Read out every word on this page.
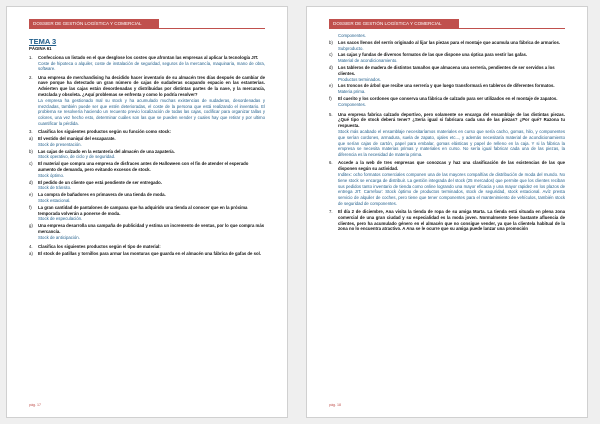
DOSSIER DE GESTIÓN LOGÍSTICA Y COMERCIAL
TEMA 3
PÁGINA 61
1.	Confecciona un listado en el que desglose los costes que afrontan las empresas al aplicar la tecnología JIT.
Coste de hipoteca o alquiler, coste de instalación de seguridad, seguros de la mercancía, maquinaria, mano de obra, software.
2.	Una empresa de merchandising ha decidido hacer inventario de su almacén tres días después de cambiar de nave porque ha detectado un gran número de cajas de sudaderas ocupando espacio en las estanterías. Advierten que las cajas están desordenadas y distribuidas por distintas partes de la nave, y la mercancía, mezclada y obsoleta. ¿Aquí problemas se enfrenta y como lo podría resolver?
La empresa ha gestionado mal su stock y ha acumulado muchas existencias de sudaderas, desordenadas y mezcladas, también puede ser que estén deterioradas, el coste de la persona que está realizando el inventario. El problema se resolvería haciendo un recuento previo localización de todas las cajas, codificar para organizar tallas y colores, una vez hecho esto, determinar cuáles son las que se pueden vender y cuales hay que retirar y por ultimo cuantificar la pérdida.
3.	Clasifica los siguientes productos según su función como stock:
a)	El vestido del maniquí del escaparate.
Stock de presentación.
b)	Las cajas de calzado en la estantería del almacén de una zapatería.
Stock operativo, de ciclo y de seguridad.
c)	El material que compra una empresa de disfraces antes de Halloween con el fin de atender el esperado aumento de demanda, pero evitando excesos de stock.
Stock óptimo.
d)	El pedido de un cliente que está pendiente de ser entregado.
Stock de tránsito.
e)	La compra de bañadores en primavera de una tienda de moda.
Stock estacional.
f)	La gran cantidad de pantalones de campana que ha adquirido una tienda al conocer que en la próxima temporada volverán a ponerse de moda.
Stock de especulación.
g)	Una empresa desarrolla una campaña de publicidad y estima un incremento de ventas, por lo que compra más mercancía.
Stock de anticipación.
4.	Clasifica los siguientes productos según el tipo de material:
a)	El stock de patillas y tornillos para armar las monturas que guarda en el almacén una fábrica de gafas de sol.
pág. 17
DOSSIER DE GESTIÓN LOGÍSTICA Y COMERCIAL
Componentes.
b)	Los sacos llenos del serrín originado al lijar las piezas para el montaje que acumula una fábrica de armarios.
Subproducto.
c)	Las cajas y fundas de diversos formatos de las que dispone una óptica para vestir las gafas.
Material de acondicionamiento.
d)	Los tableros de madera de distintos tamaños que almacena una serrería, pendientes de ser servidos a los clientes.
Productos terminados.
e)	Los troncos de árbol que recibe una serrería y que luego transformará en tableros de diferentes formatos.
Materia prima.
f)	El cuerito y los cordones que conserva una fábrica de calzado para ser utilizados en el montaje de zapatos.
Componentes.
5.	Una empresa fabrica calzado deportivo, pero solamente se encarga del ensamblaje de las distintas piezas. ¿Qué tipo de stock deberá tener? ¿Sería igual si fabricara cada una de las piezas? ¿Por qué? Razona tu respuesta.
Stock más acabado el ensamblaje necesitaríamos materiales en curso que sería cacho, gomas, hilo, y componentes que serían cordones, armadura, suela de zapato, ojales etc..., y además necesitaría material de acondicionamiento que serían cajas de cartón, papel para embalar, gomas elásticas y papel de relleno en la caja. Y si la fábrica la empresa se necesita materias primas y materiales en curso. No sería igual fabricar cada una de las piezas, la diferencia es la necesidad de materia prima.
6.	Accede a la web de tres empresas que conozcas y haz una clasificación de las existencias de las que disponen según su actividad.
Inditex: ocho formatos comerciales componen una de las mayores compañías de distribución de moda del mundo. No tiene stock se encarga de distribuir. La gestión integrada del stock (25 mercados) que permite que los clientes reciban sus pedidos tanto inventario de tienda como online logrando una mayor eficacia y una mayor rapidez en los plazos de entrega JIT. Carrefour: Stock óptimo de productos terminados, stock de seguridad, stock estacional. Avíz presta servicio de alquiler de coches, pero tiene que tener componentes para el mantenimiento de vehículos, también stock de seguridad de componentes.
7.	El día 2 de diciembre, Ana visita la tienda de ropa de su amiga Marta. La tienda está situada en plena zona comercial de una gran ciudad y su especialidad es la moda joven. Normalmente tiene bastante afluencia de clientes, pero ha acumulado género en el almacén que no consigue vender, ya que la clientela habitual de la zona no lo encuentra atractivo. A Ana se le ocurre que su amiga puede lanzar una promoción
pág. 18
